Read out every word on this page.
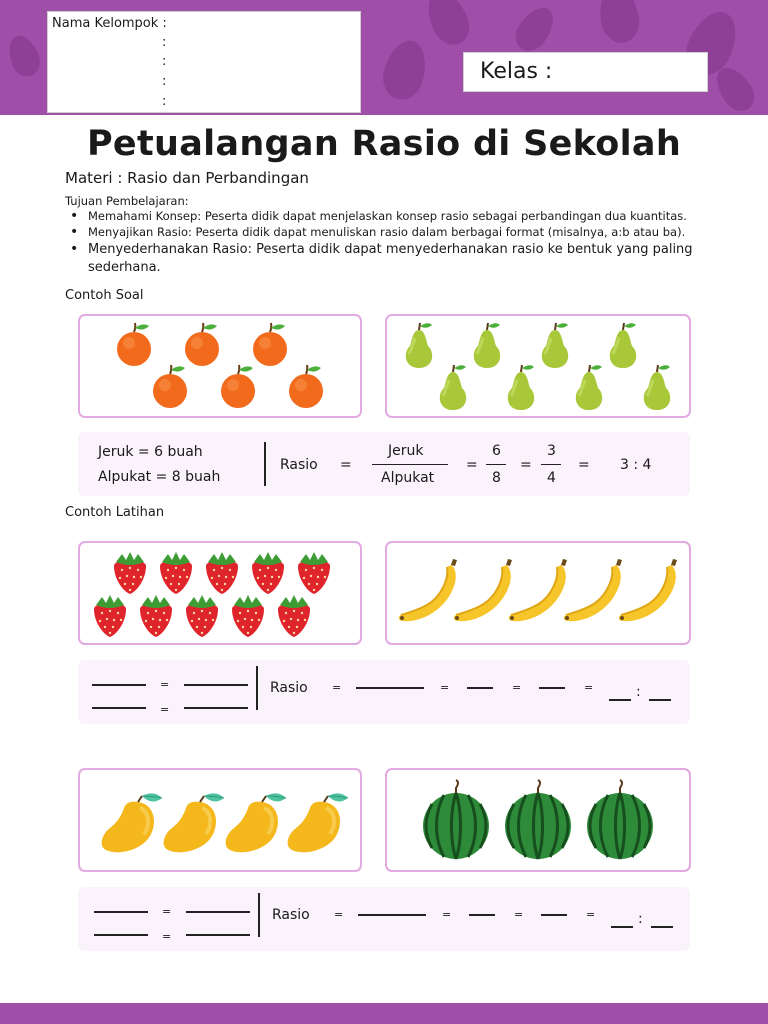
Nama Kelompok :
:
:
:
:
Kelas :
Petualangan Rasio di Sekolah
Materi : Rasio dan Perbandingan
Tujuan Pembelajaran:
• Memahami Konsep: Peserta didik dapat menjelaskan konsep rasio sebagai perbandingan dua kuantitas.
• Menyajikan Rasio: Peserta didik dapat menuliskan rasio dalam berbagai format (misalnya, a:b atau ba).
• Menyederhanakan Rasio: Peserta didik dapat menyederhanakan rasio ke bentuk yang paling sederhana.
Contoh Soal
Jeruk = 6 buah
Alpukat = 8 buah
Rasio =
Jeruk
Alpukat
=
6
8
=
3
4
= 3 : 4
Contoh Latihan
=
=
Rasio =	=	=	=	:
=
=
Rasio =	=	=	=	:
